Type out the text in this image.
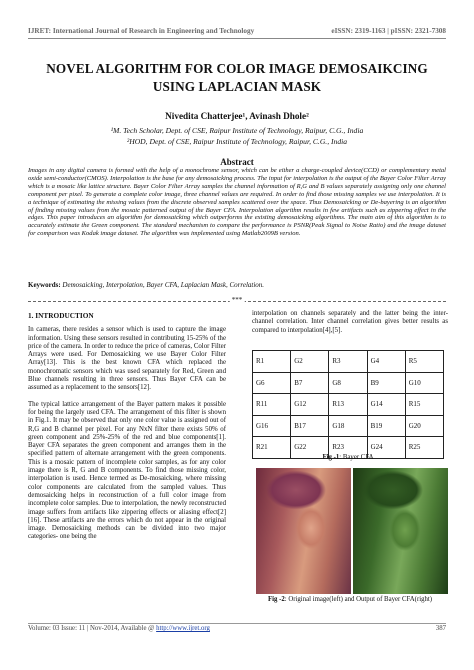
IJRET: International Journal of Research in Engineering and Technology	eISSN: 2319-1163 | pISSN: 2321-7308
NOVEL ALGORITHM FOR COLOR IMAGE DEMOSAIKCING USING LAPLACIAN MASK
Nivedita Chatterjee¹, Avinash Dhole²
¹M. Tech Scholar, Dept. of CSE, Raipur Institute of Technology, Raipur, C.G., India
²HOD, Dept. of CSE, Raipur Institute of Technology, Raipur, C.G., India
Abstract
Images in any digital camera is formed with the help of a monochrome sensor, which can be either a charge-coupled device(CCD) or complementary metal oxide semi-conductor(CMOS). Interpolation is the base for any demosaicking process. The input for interpolation is the output of the Bayer Color Filter Array which is a mosaic like lattice structure. Bayer Color Filter Array samples the channel information of R,G and B values separately assigning only one channel component per pixel. To generate a complete color image, three channel values are required. In order to find those missing samples we use interpolation. It is a technique of estimating the missing values from the discrete observed samples scattered over the space. Thus Demosaicking or De-bayering is an algorithm of finding missing values from the mosaic patterned output of the Bayer CFA. Interpolation algorithm results in few artifacts such as zippering effect in the edges. This paper introduces an algorithm for demosaicking which outperforms the existing demosaicking algorithms. The main aim of this algorithm is to accurately estimate the Green component. The standard mechanism to compare the performance is PSNR(Peak Signal to Noise Ratio) and the image dataset for comparison was Kodak image dataset. The algorithm was implemented using Matlab2009B version.
Keywords: Demosaicking, Interpolation, Bayer CFA, Laplacian Mask, Correlation.
***
1. INTRODUCTION

In cameras, there resides a sensor which is used to capture the image information. Using these sensors resulted in contributing 15-25% of the price of the camera. In order to reduce the price of cameras, Color Filter Arrays were used. For Demosaicking we use Bayer Color Filter Array[13]. This is the best known CFA which replaced the monochromatic sensors which was used separately for Red, Green and Blue channels resulting in three sensors. Thus Bayer CFA can be assumed as a replacement to the sensors[12].

The typical lattice arrangement of the Bayer pattern makes it possible for being the largely used CFA. The arrangement of this filter is shown in Fig.1. It may be observed that only one color value is assigned out of R,G and B channel per pixel. For any NxN filter there exists 50% of green component and 25%-25% of the red and blue components[1]. Bayer CFA separates the green component and arranges them in the specified pattern of alternate arrangement with the green components. This is a mosaic pattern of incomplete color samples, as for any color image there is R, G and B components. To find those missing color, interpolation is used. Hence termed as De-mosaicking, where missing color components are calculated from the sampled values. Thus demosaicking helps in reconstruction of a full color image from incomplete color samples. Due to interpolation, the newly reconstructed image suffers from artifacts like zippering effects or aliasing effect[2][16]. These artifacts are the errors which do not appear in the original image. Demosaicking methods can be divided into two major categories- one being the

interpolation on channels separately and the latter being the inter-channel correlation. Inter channel correlation gives better results as compared to interpolation[4],[5].

R1	G2	R3	G4	R5
G6	B7	G8	B9	G10
R11	G12	R13	G14	R15
G16	B17	G18	B19	G20
R21	G22	R23	G24	R25
Fig -1: Bayer CFA
Fig -2: Original image(left) and Output of Bayer CFA(right)
Volume: 03 Issue: 11 | Nov-2014, Available @ http://www.ijret.org	387
